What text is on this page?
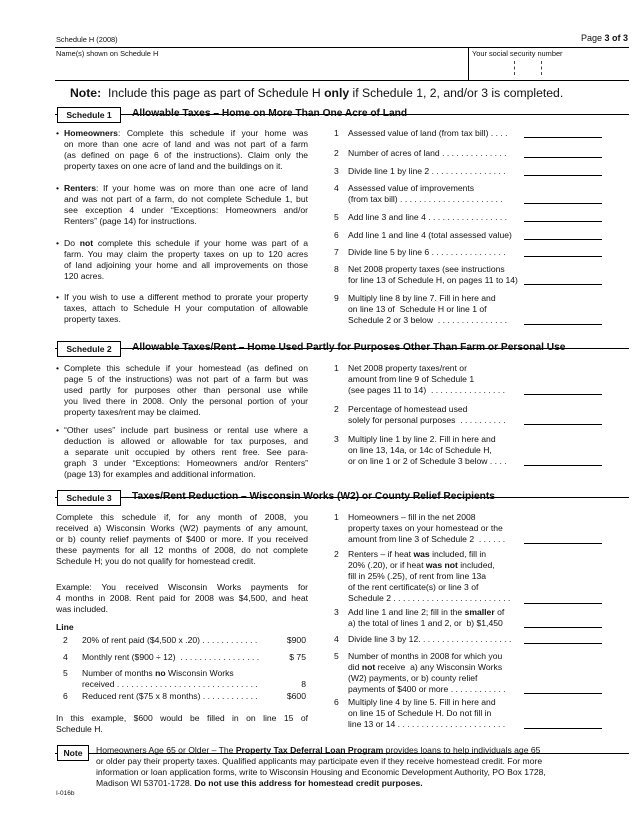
Schedule H (2008)	Page 3 of 3
Name(s) shown on Schedule H	Your social security number
Note: Include this page as part of Schedule H only if Schedule 1, 2, and/or 3 is completed.
Schedule 1	Allowable Taxes – Home on More Than One Acre of Land
• Homeowners: Complete this schedule if your home was
on more than one acre of land and was not part of a farm
(as defined on page 6 of the instructions). Claim only the
property taxes on one acre of land and the buildings on it.
• Renters: If your home was on more than one acre of land
and was not part of a farm, do not complete Schedule 1, but
see exception 4 under “Exceptions: Homeowners and/or
Renters” (page 14) for instructions.
• Do not complete this schedule if your home was part of a
farm. You may claim the property taxes on up to 120 acres
of land adjoining your home and all improvements on those
120 acres.
• If you wish to use a different method to prorate your property
taxes, attach to Schedule H your computation of allowable
property taxes.
1	Assessed value of land (from tax bill) . . . .
2	Number of acres of land . . . . . . . . . . . . . .
3	Divide line 1 by line 2 . . . . . . . . . . . . . . . .
4	Assessed value of improvements
(from tax bill) . . . . . . . . . . . . . . . . . . . . . .
5	Add line 3 and line 4 . . . . . . . . . . . . . . . . .
6	Add line 1 and line 4 (total assessed value)
7	Divide line 5 by line 6 . . . . . . . . . . . . . . . .
8	Net 2008 property taxes (see instructions
for line 13 of Schedule H, on pages 11 to 14)
9	Multiply line 8 by line 7. Fill in here and
on line 13 of  Schedule H or line 1 of
Schedule 2 or 3 below  . . . . . . . . . . . . . . .
Schedule 2	Allowable Taxes/Rent – Home Used Partly for Purposes Other Than Farm or Personal Use
• Complete this schedule if your homestead (as defined on
page 5 of the instructions) was not part of a farm but was
used partly for purposes other than personal use while
you lived there in 2008. Only the personal portion of your
property taxes/rent may be claimed.
• “Other uses” include part business or rental use where a
deduction is allowed or allowable for tax purposes, and
a separate unit occupied by others rent free. See para-
graph 3 under “Exceptions: Homeowners and/or Renters”
(page 13) for examples and additional information.
1	Net 2008 property taxes/rent or
amount from line 9 of Schedule 1
(see pages 11 to 14)  . . . . . . . . . . . . . . . .
2	Percentage of homestead used
solely for personal purposes  . . . . . . . . . .
3	Multiply line 1 by line 2. Fill in here and
on line 13, 14a, or 14c of Schedule H,
or on line 1 or 2 of Schedule 3 below . . . .
Schedule 3	Taxes/Rent Reduction – Wisconsin Works (W2) or County Relief Recipients
Complete this schedule if, for any month of 2008, you
received a) Wisconsin Works (W2) payments of any amount,
or b) county relief payments of $400 or more. If you received
these payments for all 12 months of 2008, do not complete
Schedule H; you do not qualify for homestead credit.
Example: You received Wisconsin Works payments for
4 months in 2008. Rent paid for 2008 was $4,500, and heat
was included.
Line
2 20% of rent paid ($4,500 x .20) . . . . . . . . . . . .	$900
4 Monthly rent ($900 ÷ 12)  . . . . . . . . . . . . . . . . .	$ 75
5 Number of months no Wisconsin Works
received . . . . . . . . . . . . . . . . . . . . . . . . . . . . . .	8
6 Reduced rent ($75 x 8 months) . . . . . . . . . . . .	$600
In this example, $600 would be filled in on line 15 of
Schedule H.
1	Homeowners – fill in the net 2008
property taxes on your homestead or the
amount from line 3 of Schedule 2  . . . . . .
2	Renters – if heat was included, fill in
20% (.20), or if heat was not included,
fill in 25% (.25), of rent from line 13a
of the rent certificate(s) or line 3 of
Schedule 2 . . . . . . . . . . . . . . . . . . . . . . . . .
3	Add line 1 and line 2; fill in the smaller of
a) the total of lines 1 and 2, or  b) $1,450
4	Divide line 3 by 12. . . . . . . . . . . . . . . . . . . .
5	Number of months in 2008 for which you
did not receive  a) any Wisconsin Works
(W2) payments, or b) county relief
payments of $400 or more . . . . . . . . . . . .
6	Multiply line 4 by line 5. Fill in here and
on line 15 of Schedule H. Do not fill in
line 13 or 14 . . . . . . . . . . . . . . . . . . . . . . .
Note	Homeowners Age 65 or Older – The Property Tax Deferral Loan Program provides loans to help individuals age 65
or older pay their property taxes. Qualified applicants may participate even if they receive homestead credit. For more
information or loan application forms, write to Wisconsin Housing and Economic Development Authority, PO Box 1728,
Madison WI 53701-1728. Do not use this address for homestead credit purposes.
I-016b
